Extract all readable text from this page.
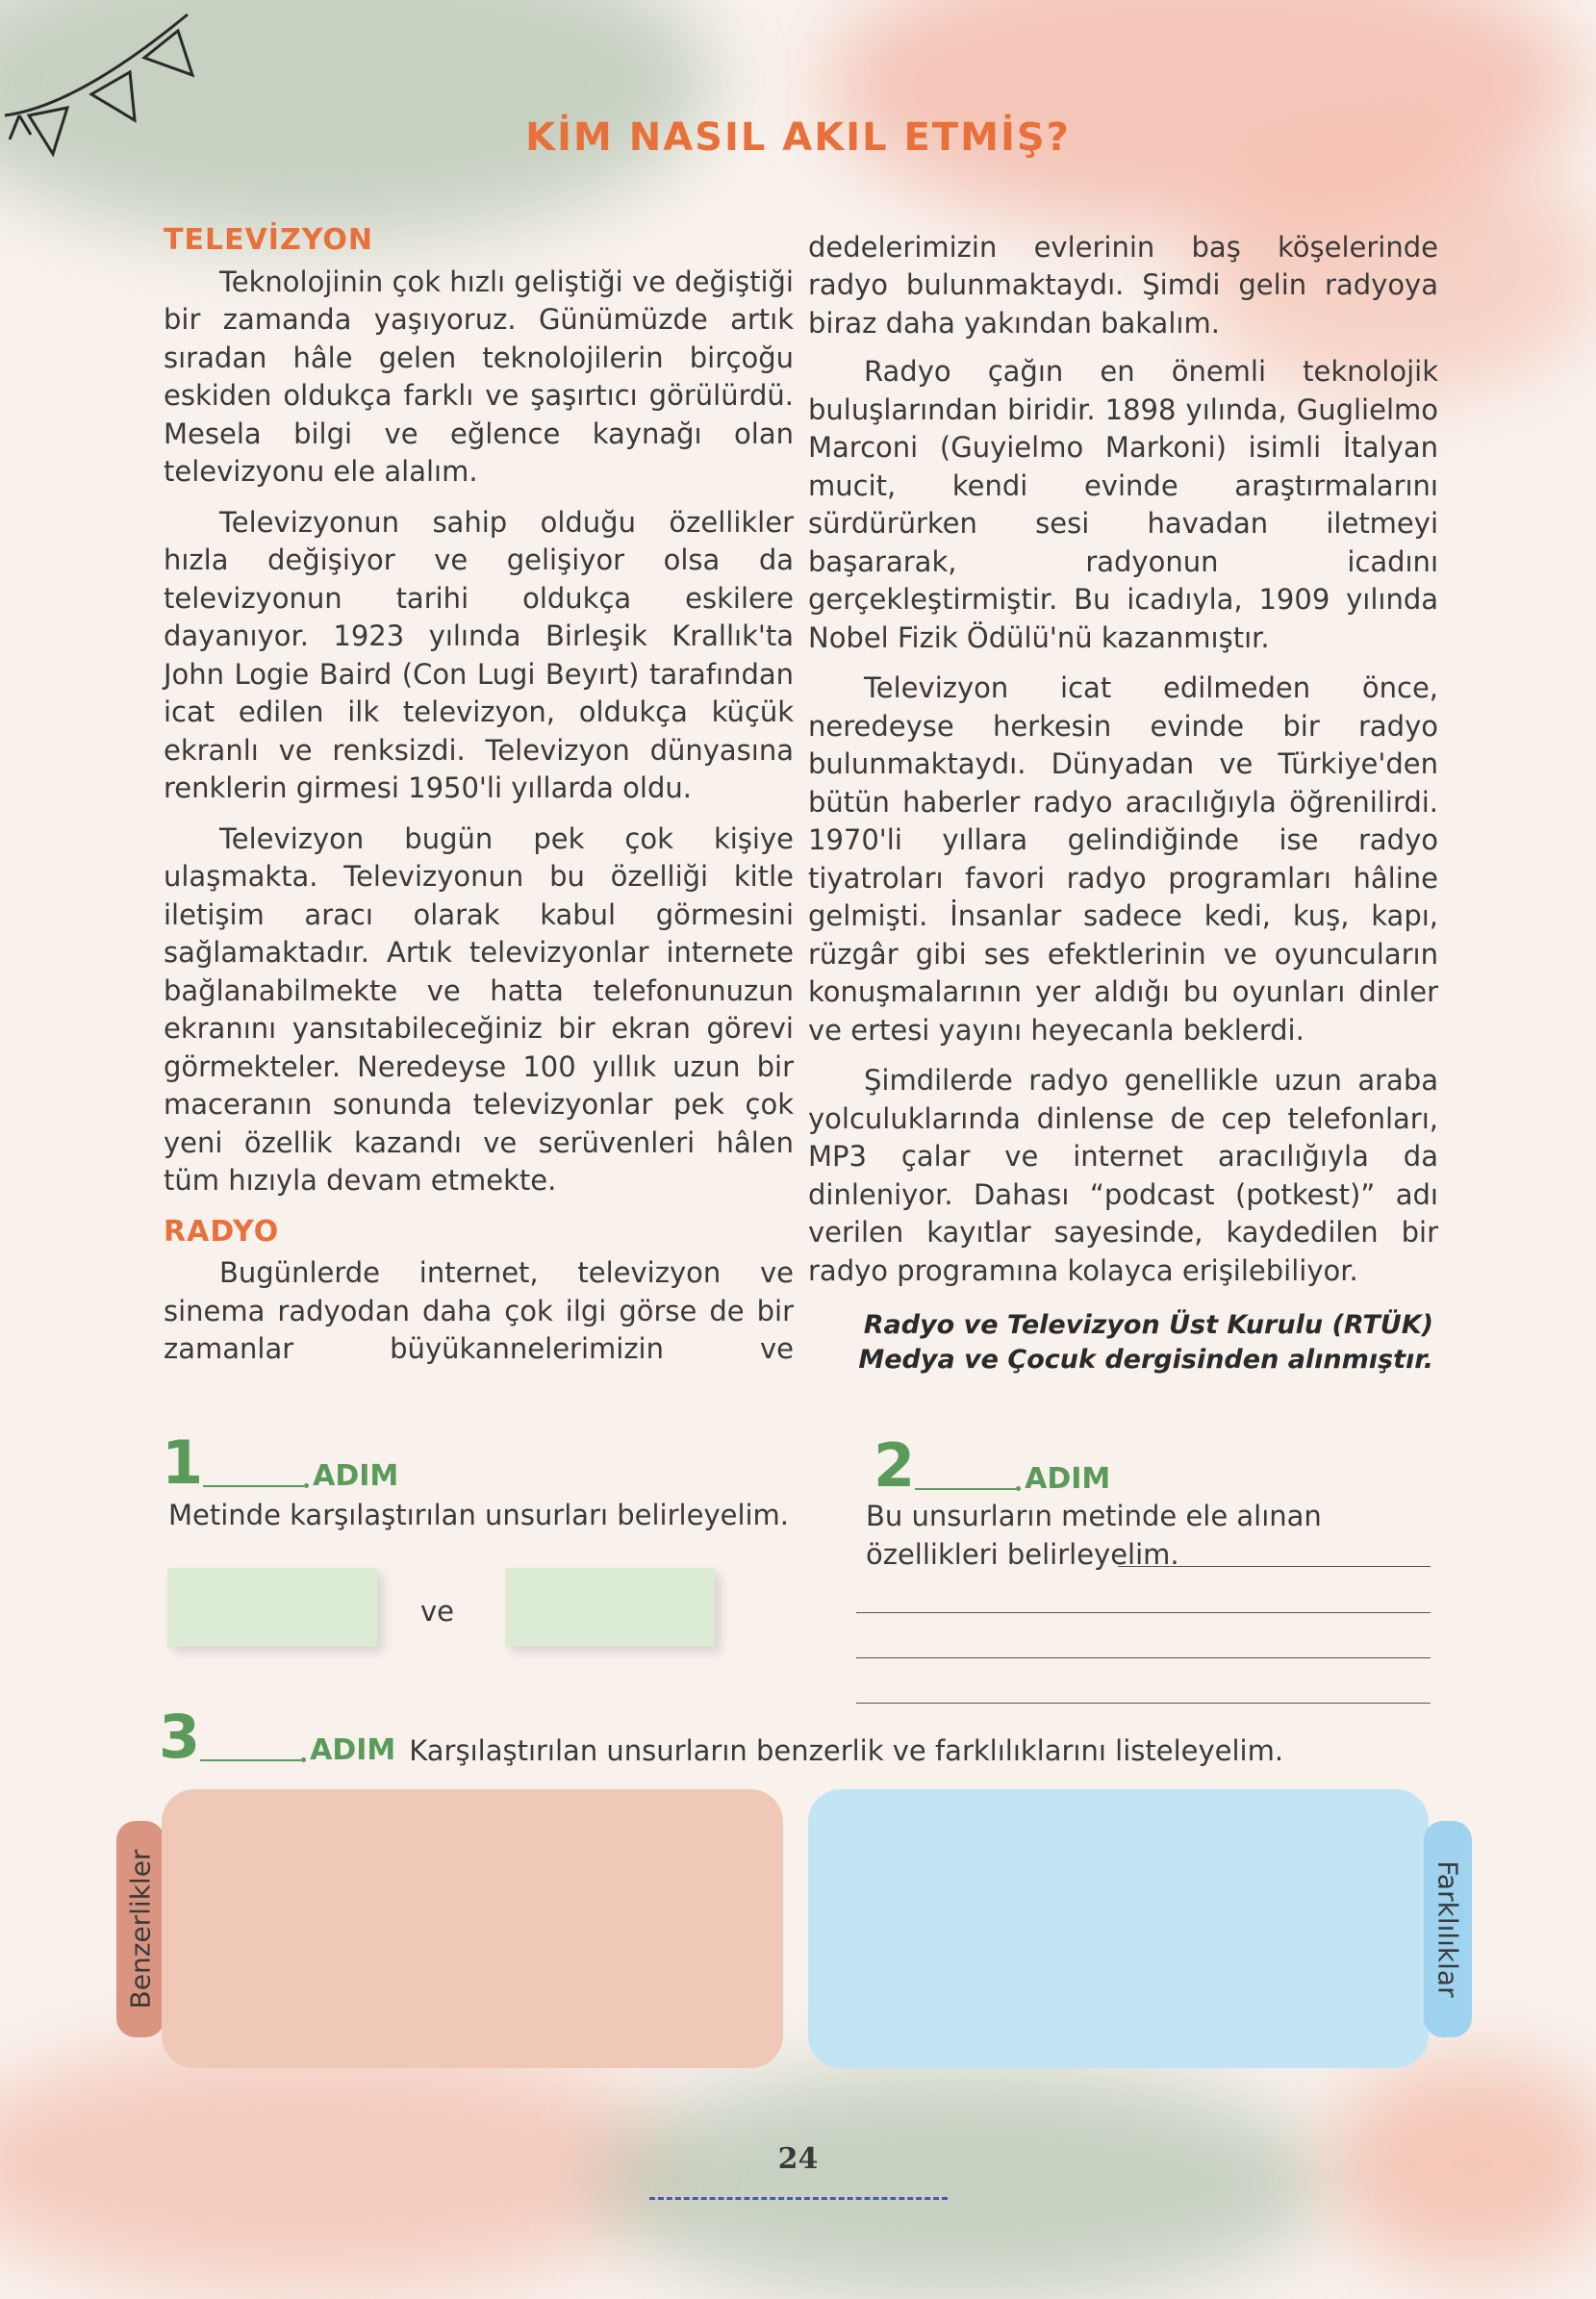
KİM NASIL AKIL ETMİŞ?
TELEVİZYON

Teknolojinin çok hızlı geliştiği ve değiştiği bir zamanda yaşıyoruz. Günümüzde artık sıradan hâle gelen teknolojilerin birçoğu eskiden oldukça farklı ve şaşırtıcı görülürdü. Mesela bilgi ve eğlence kaynağı olan televizyonu ele alalım.

Televizyonun sahip olduğu özellikler hızla değişiyor ve gelişiyor olsa da televizyonun tarihi oldukça eskilere dayanıyor. 1923 yılında Birleşik Krallık'ta John Logie Baird (Con Lugi Beyırt) tarafından icat edilen ilk televizyon, oldukça küçük ekranlı ve renksizdi. Televizyon dünyasına renklerin girmesi 1950'li yıllarda oldu.

Televizyon bugün pek çok kişiye ulaşmakta. Televizyonun bu özelliği kitle iletişim aracı olarak kabul görmesini sağlamaktadır. Artık televizyonlar internete bağlanabilmekte ve hatta telefonunuzun ekranını yansıtabileceğiniz bir ekran görevi görmekteler. Neredeyse 100 yıllık uzun bir maceranın sonunda televizyonlar pek çok yeni özellik kazandı ve serüvenleri hâlen tüm hızıyla devam etmekte.

RADYO

Bugünlerde internet, televizyon ve sinema radyodan daha çok ilgi görse de bir zamanlar büyükannelerimizin ve

dedelerimizin evlerinin baş köşelerinde radyo bulunmaktaydı. Şimdi gelin radyoya biraz daha yakından bakalım.

Radyo çağın en önemli teknolojik buluşlarından biridir. 1898 yılında, Guglielmo Marconi (Guyielmo Markoni) isimli İtalyan mucit, kendi evinde araştırmalarını sürdürürken sesi havadan iletmeyi başararak, radyonun icadını gerçekleştirmiştir. Bu icadıyla, 1909 yılında Nobel Fizik Ödülü'nü kazanmıştır.

Televizyon icat edilmeden önce, neredeyse herkesin evinde bir radyo bulunmaktaydı. Dünyadan ve Türkiye'den bütün haberler radyo aracılığıyla öğrenilirdi. 1970'li yıllara gelindiğinde ise radyo tiyatroları favori radyo programları hâline gelmişti. İnsanlar sadece kedi, kuş, kapı, rüzgâr gibi ses efektlerinin ve oyuncuların konuşmalarının yer aldığı bu oyunları dinler ve ertesi yayını heyecanla beklerdi.

Şimdilerde radyo genellikle uzun araba yolculuklarında dinlense de cep telefonları, MP3 çalar ve internet aracılığıyla da dinleniyor. Dahası “podcast (potkest)” adı verilen kayıtlar sayesinde, kaydedilen bir radyo programına kolayca erişilebiliyor.

Radyo ve Televizyon Üst Kurulu (RTÜK)
Medya ve Çocuk dergisinden alınmıştır.
1	ADIM
Metinde karşılaştırılan unsurları belirleyelim.
ve
2	ADIM
Bu unsurların metinde ele alınan özellikleri belirleyelim.
3	ADIM Karşılaştırılan unsurların benzerlik ve farklılıklarını listeleyelim.
Benzerlikler	Farklılıklar
24
